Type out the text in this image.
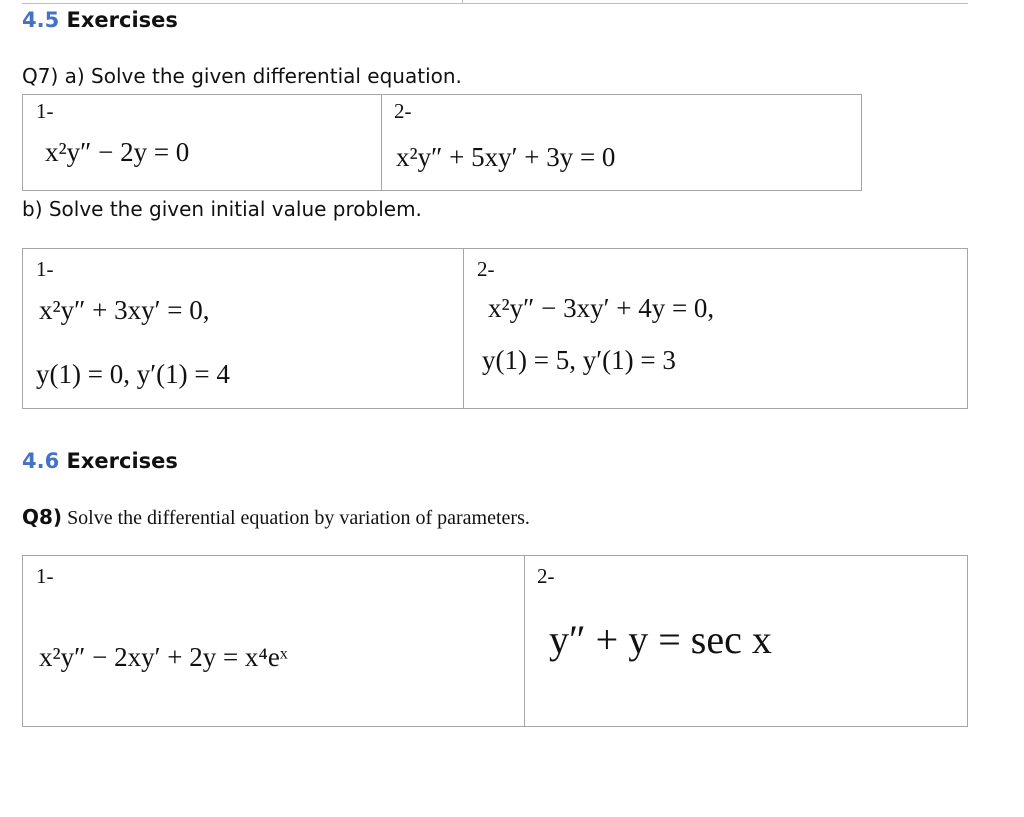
4.5 Exercises
Q7) a) Solve the given differential equation.
1-
x²y″ − 2y = 0

2-
x²y″ + 5xy′ + 3y = 0
b) Solve the given initial value problem.
1-
x²y″ + 3xy′ = 0,
y(1) = 0, y′(1) = 4

2-
x²y″ − 3xy′ + 4y = 0,
y(1) = 5, y′(1) = 3
4.6 Exercises
Q8) Solve the differential equation by variation of parameters.
1-
x²y″ − 2xy′ + 2y = x⁴eˣ

2-
y″ + y = sec x
